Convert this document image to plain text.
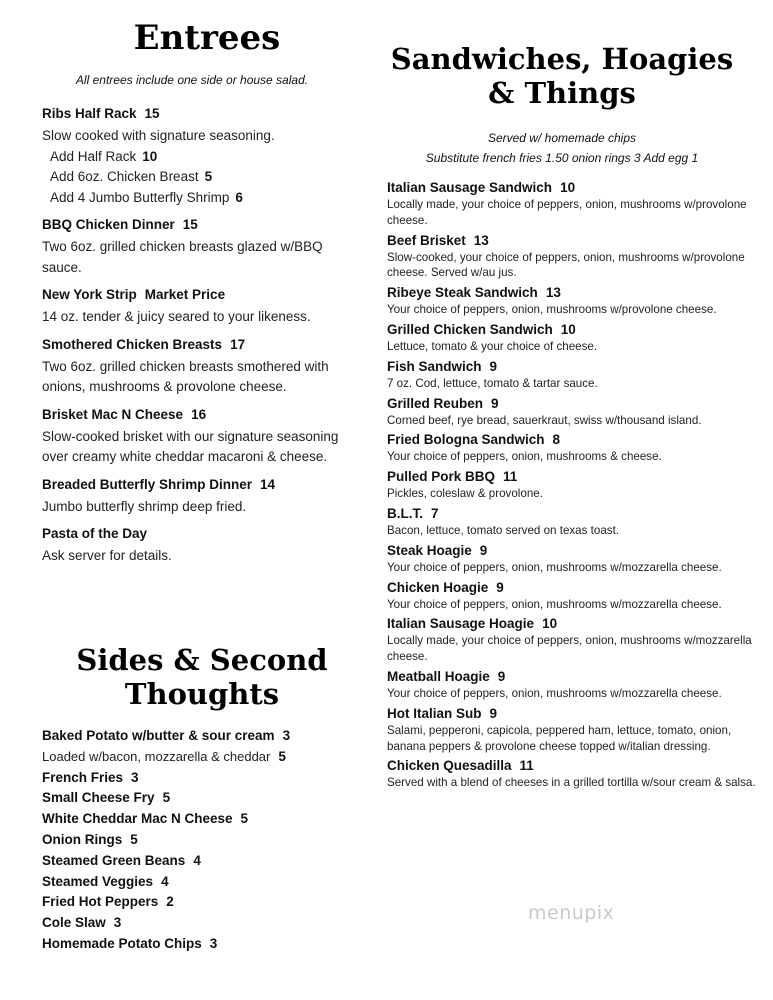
Entrees
All entrees include one side or house salad.
Ribs Half Rack 15
Slow cooked with signature seasoning.
Add Half Rack 10
Add 6oz. Chicken Breast 5
Add 4 Jumbo Butterfly Shrimp 6
BBQ Chicken Dinner 15
Two 6oz. grilled chicken breasts glazed w/BBQ sauce.
New York Strip Market Price
14 oz. tender & juicy seared to your likeness.
Smothered Chicken Breasts 17
Two 6oz. grilled chicken breasts smothered with onions, mushrooms & provolone cheese.
Brisket Mac N Cheese 16
Slow-cooked brisket with our signature seasoning over creamy white cheddar macaroni & cheese.
Breaded Butterfly Shrimp Dinner 14
Jumbo butterfly shrimp deep fried.
Pasta of the Day
Ask server for details.
Sides & Second
Thoughts
Baked Potato w/butter & sour cream 3
Loaded w/bacon, mozzarella & cheddar 5
French Fries 3
Small Cheese Fry 5
White Cheddar Mac N Cheese 5
Onion Rings 5
Steamed Green Beans 4
Steamed Veggies 4
Fried Hot Peppers 2
Cole Slaw 3
Homemade Potato Chips 3
Sandwiches, Hoagies
& Things
Served w/ homemade chips
Substitute french fries 1.50 onion rings 3 Add egg 1
Italian Sausage Sandwich 10
Locally made, your choice of peppers, onion, mushrooms w/provolone cheese.
Beef Brisket 13
Slow-cooked, your choice of peppers, onion, mushrooms w/provolone cheese. Served w/au jus.
Ribeye Steak Sandwich 13
Your choice of peppers, onion, mushrooms w/provolone cheese.
Grilled Chicken Sandwich 10
Lettuce, tomato & your choice of cheese.
Fish Sandwich 9
7 oz. Cod, lettuce, tomato & tartar sauce.
Grilled Reuben 9
Corned beef, rye bread, sauerkraut, swiss w/thousand island.
Fried Bologna Sandwich 8
Your choice of peppers, onion, mushrooms & cheese.
Pulled Pork BBQ 11
Pickles, coleslaw & provolone.
B.L.T. 7
Bacon, lettuce, tomato served on texas toast.
Steak Hoagie 9
Your choice of peppers, onion, mushrooms w/mozzarella cheese.
Chicken Hoagie 9
Your choice of peppers, onion, mushrooms w/mozzarella cheese.
Italian Sausage Hoagie 10
Locally made, your choice of peppers, onion, mushrooms w/mozzarella cheese.
Meatball Hoagie 9
Your choice of peppers, onion, mushrooms w/mozzarella cheese.
Hot Italian Sub 9
Salami, pepperoni, capicola, peppered ham, lettuce, tomato, onion, banana peppers & provolone cheese topped w/italian dressing.
Chicken Quesadilla 11
Served with a blend of cheeses in a grilled tortilla w/sour cream & salsa.
menupix
